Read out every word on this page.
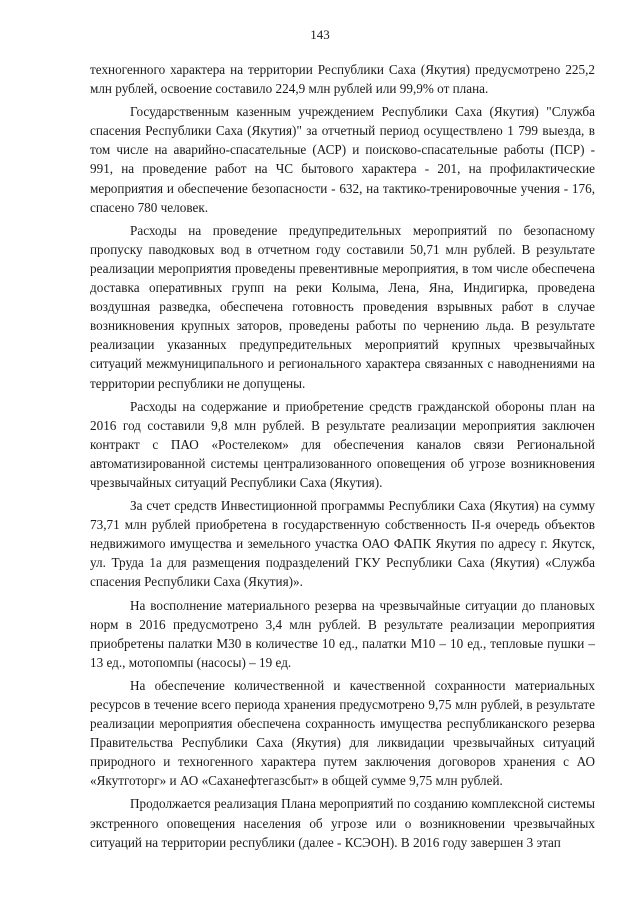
143

техногенного характера на территории Республики Саха (Якутия) предусмотрено 225,2 млн рублей, освоение составило 224,9 млн рублей или 99,9% от плана.

Государственным казенным учреждением Республики Саха (Якутия) "Служба спасения Республики Саха (Якутия)" за отчетный период осуществлено 1 799 выезда, в том числе на аварийно-спасательные (АСР) и поисково-спасательные работы (ПСР) - 991, на проведение работ на ЧС бытового характера - 201, на профилактические мероприятия и обеспечение безопасности - 632, на тактико-тренировочные учения - 176, спасено 780 человек.

Расходы на проведение предупредительных мероприятий по безопасному пропуску паводковых вод в отчетном году составили 50,71 млн рублей. В результате реализации мероприятия проведены превентивные мероприятия, в том числе обеспечена доставка оперативных групп на реки Колыма, Лена, Яна, Индигирка, проведена воздушная разведка, обеспечена готовность проведения взрывных работ в случае возникновения крупных заторов, проведены работы по чернению льда. В результате реализации указанных предупредительных мероприятий крупных чрезвычайных ситуаций межмуниципального и регионального характера связанных с наводнениями на территории республики не допущены.

Расходы на содержание и приобретение средств гражданской обороны план на 2016 год составили 9,8 млн рублей. В результате реализации мероприятия заключен контракт с ПАО «Ростелеком» для обеспечения каналов связи Региональной автоматизированной системы централизованного оповещения об угрозе возникновения чрезвычайных ситуаций Республики Саха (Якутия).

За счет средств Инвестиционной программы Республики Саха (Якутия) на сумму 73,71 млн рублей приобретена в государственную собственность II-я очередь объектов недвижимого имущества и земельного участка ОАО ФАПК Якутия по адресу г. Якутск, ул. Труда 1а для размещения подразделений ГКУ Республики Саха (Якутия) «Служба спасения Республики Саха (Якутия)».

На восполнение материального резерва на чрезвычайные ситуации до плановых норм в 2016 предусмотрено 3,4 млн рублей. В результате реализации мероприятия приобретены палатки М30 в количестве 10 ед., палатки М10 – 10 ед., тепловые пушки – 13 ед., мотопомпы (насосы) – 19 ед.

На обеспечение количественной и качественной сохранности материальных ресурсов в течение всего периода хранения предусмотрено 9,75 млн рублей, в результате реализации мероприятия обеспечена сохранность имущества республиканского резерва Правительства Республики Саха (Якутия) для ликвидации чрезвычайных ситуаций природного и техногенного характера путем заключения договоров хранения с АО «Якутготорг» и АО «Саханефтегазсбыт» в общей сумме 9,75 млн рублей.

Продолжается реализация Плана мероприятий по созданию комплексной системы экстренного оповещения населения об угрозе или о возникновении чрезвычайных ситуаций на территории республики (далее - КСЭОН). В 2016 году завершен 3 этап
